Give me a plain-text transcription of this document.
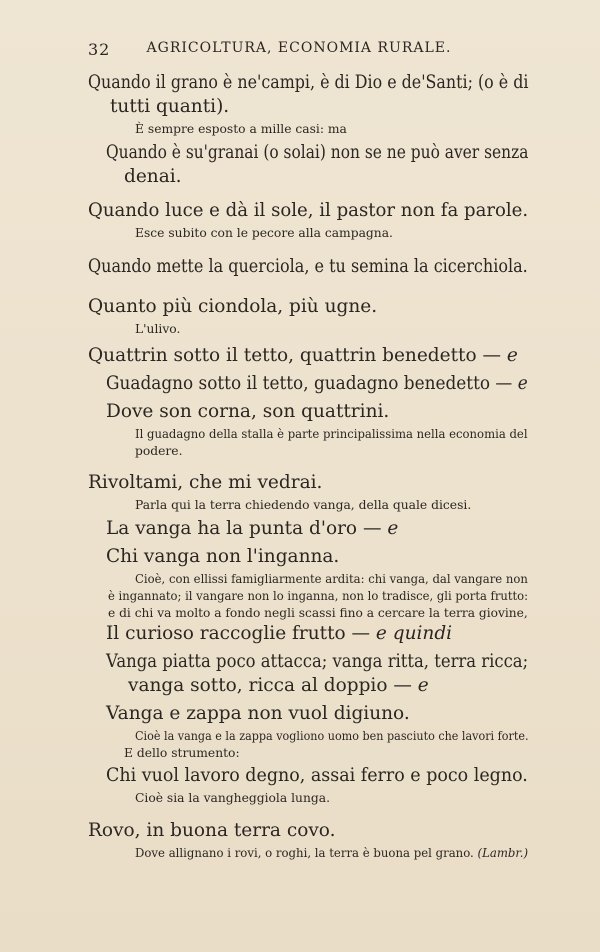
32	AGRICOLTURA, ECONOMIA RURALE.
Quando il grano è ne'campi, è di Dio e de'Santi; (o è di
tutti quanti).
È sempre esposto a mille casi: ma
Quando è su'granai (o solai) non se ne può aver senza
denai.
Quando luce e dà il sole, il pastor non fa parole.
Esce subito con le pecore alla campagna.
Quando mette la querciola, e tu semina la cicerchiola.
Quanto più ciondola, più ugne.
L'ulivo.
Quattrin sotto il tetto, quattrin benedetto — e
Guadagno sotto il tetto, guadagno benedetto — e
Dove son corna, son quattrini.
Il guadagno della stalla è parte principalissima nella economia del
podere.
Rivoltami, che mi vedrai.
Parla qui la terra chiedendo vanga, della quale dicesi.
La vanga ha la punta d'oro — e
Chi vanga non l'inganna.
Cioè, con ellissi famigliarmente ardita: chi vanga, dal vangare non
è ingannato; il vangare non lo inganna, non lo tradisce, gli porta frutto:
e di chi va molto a fondo negli scassi fino a cercare la terra giovine,
Il curioso raccoglie frutto — e quindi
Vanga piatta poco attacca; vanga ritta, terra ricca;
vanga sotto, ricca al doppio — e
Vanga e zappa non vuol digiuno.
Cioè la vanga e la zappa vogliono uomo ben pasciuto che lavori forte.
E dello strumento:
Chi vuol lavoro degno, assai ferro e poco legno.
Cioè sia la vangheggiola lunga.
Rovo, in buona terra covo.
Dove allignano i rovi, o roghi, la terra è buona pel grano. (Lambr.)
